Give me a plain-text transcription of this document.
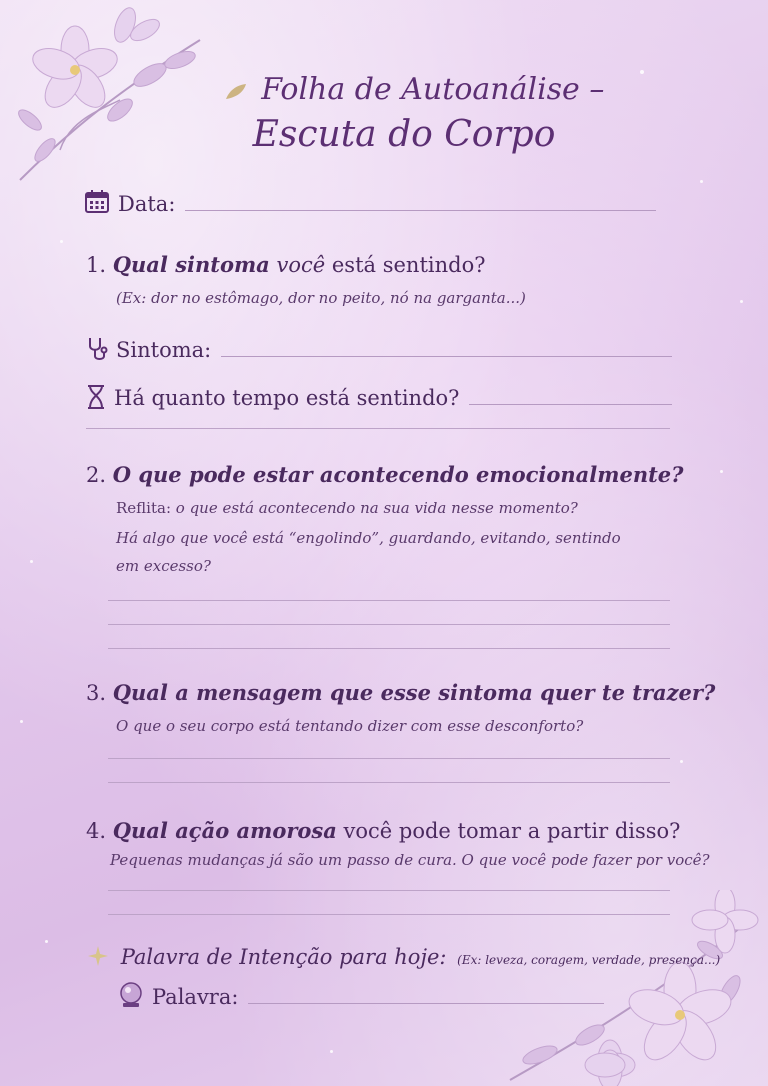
Folha de Autoanálise –
Escuta do Corpo
Data:
1. Qual sintoma você está sentindo?
(Ex: dor no estômago, dor no peito, nó na garganta...)
Sintoma:
Há quanto tempo está sentindo?
2. O que pode estar acontecendo emocionalmente?
Reflita: o que está acontecendo na sua vida nesse momento?
Há algo que você está “engolindo”, guardando, evitando, sentindo
em excesso?
3. Qual a mensagem que esse sintoma quer te trazer?
O que o seu corpo está tentando dizer com esse desconforto?
4. Qual ação amorosa você pode tomar a partir disso?
Pequenas mudanças já são um passo de cura. O que você pode fazer por você?
Palavra de Intenção para hoje: (Ex: leveza, coragem, verdade, presença...)
Palavra:
